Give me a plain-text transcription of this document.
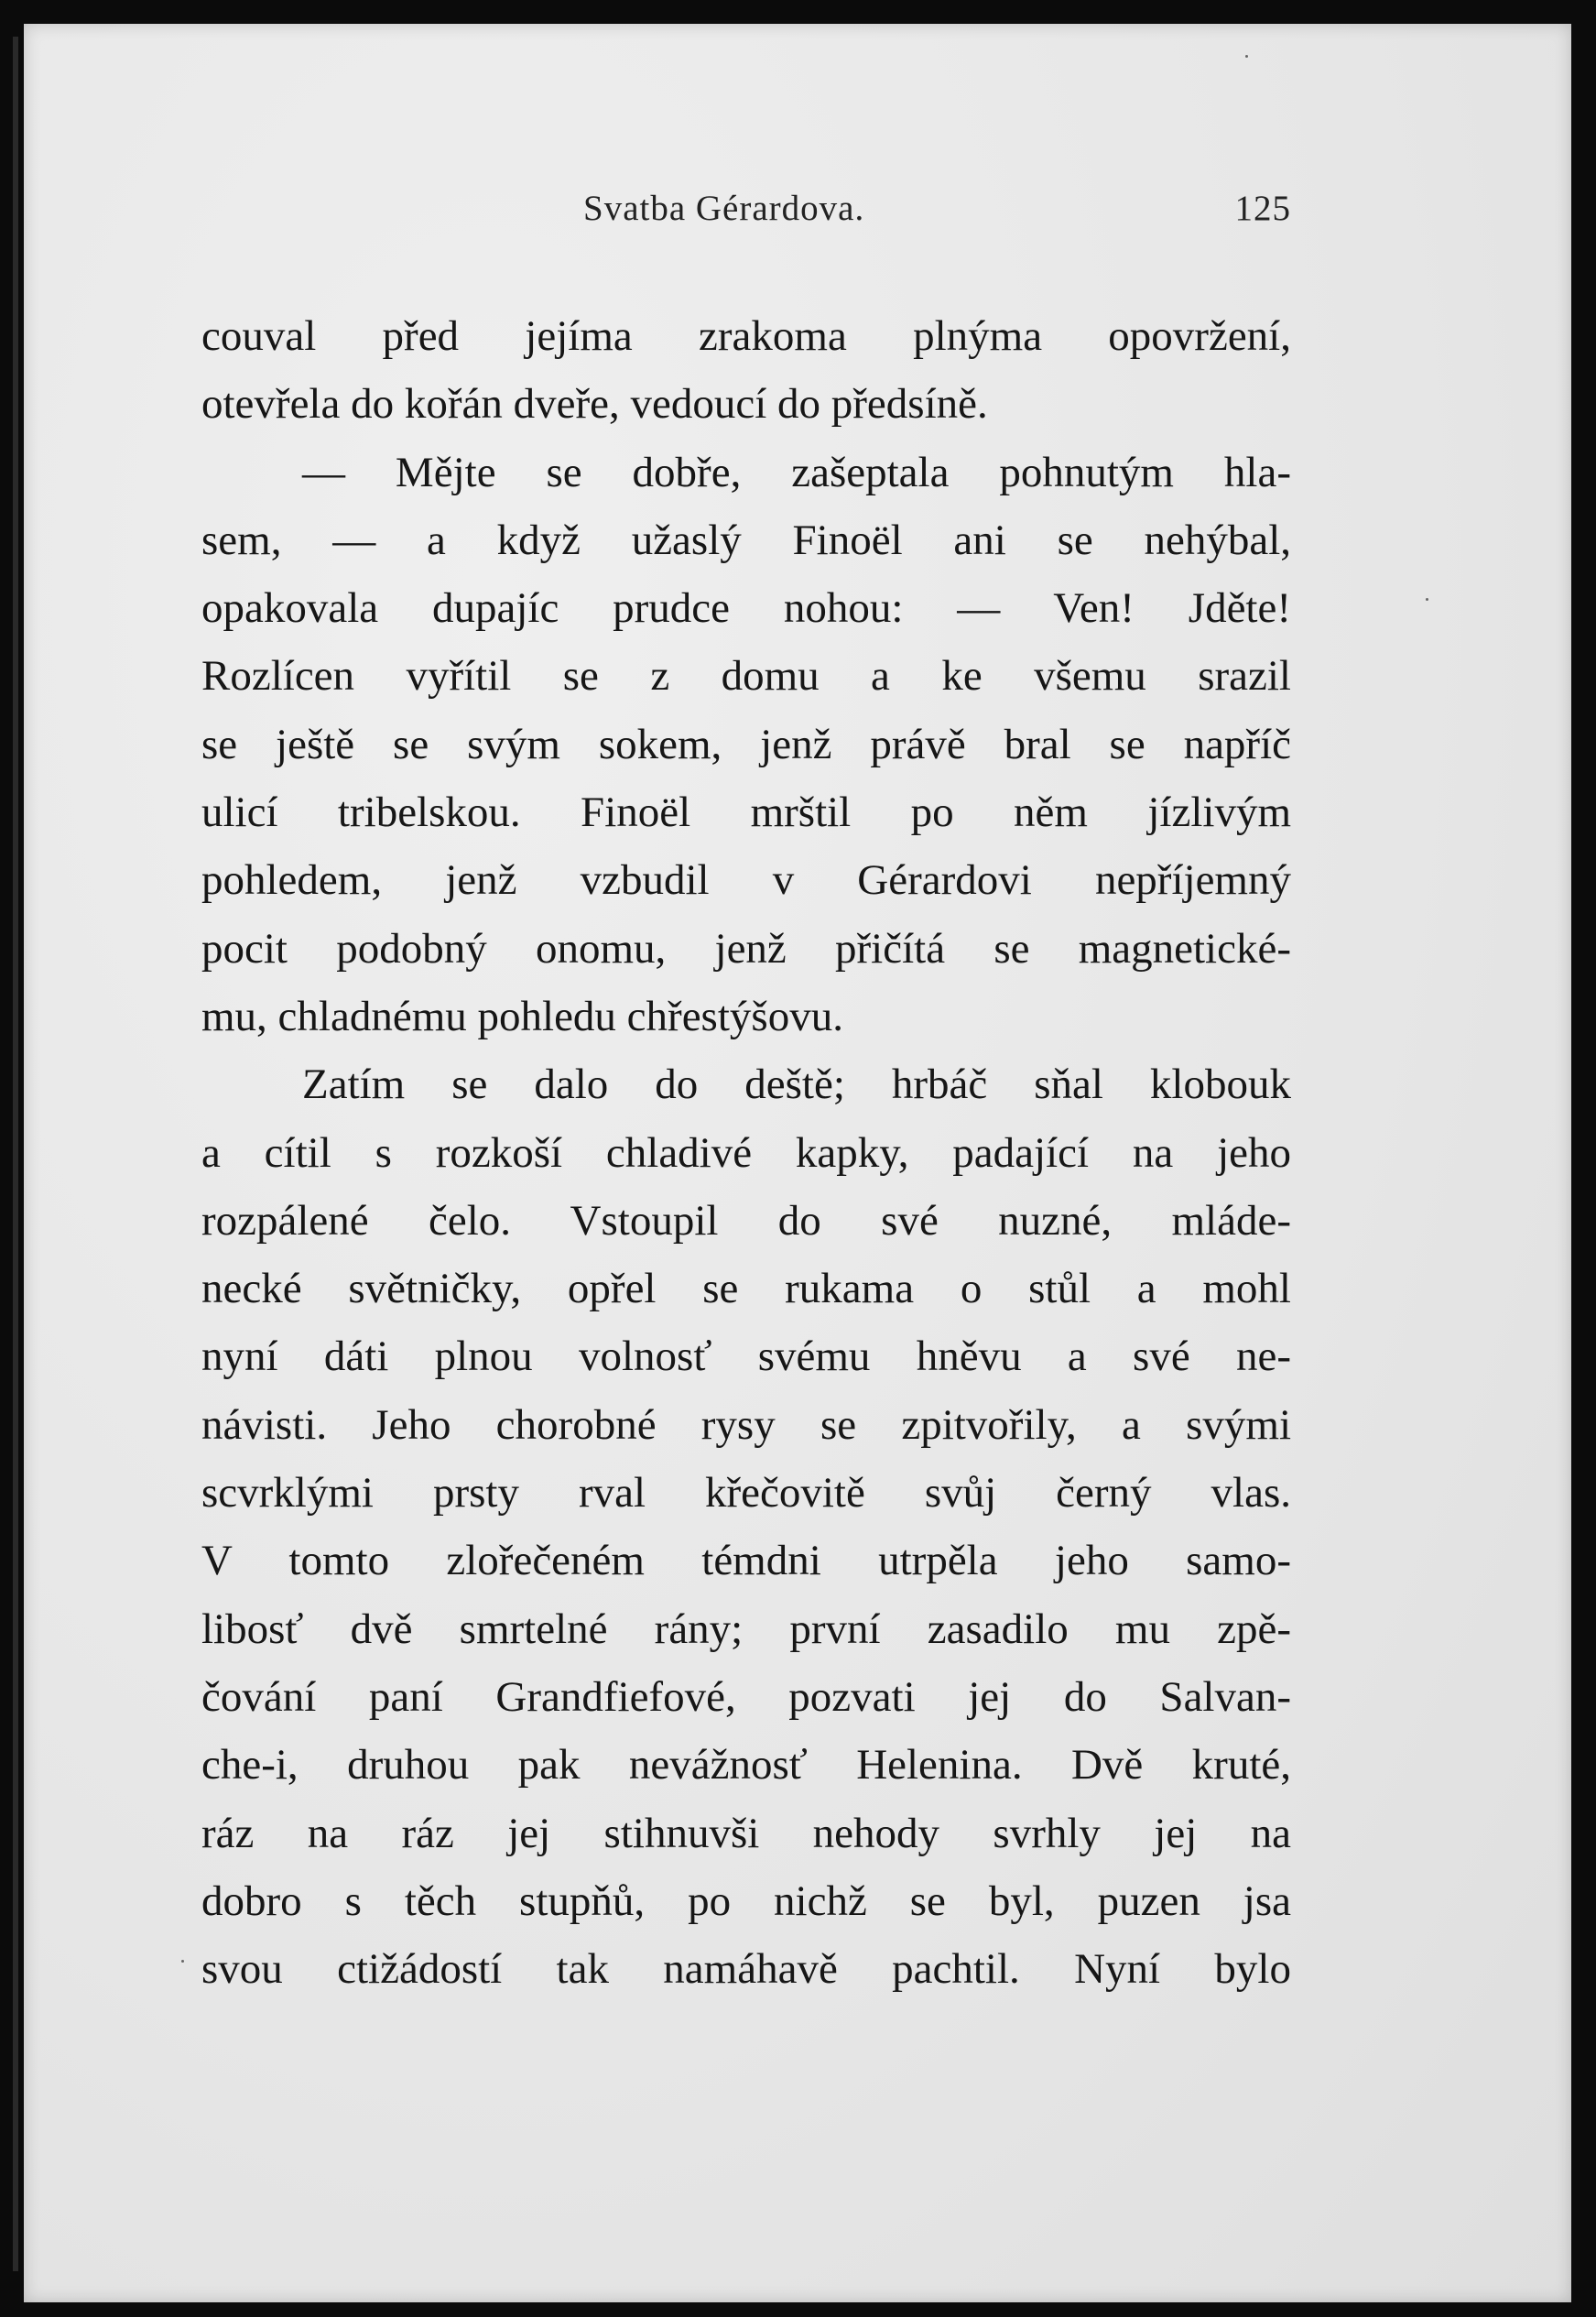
Svatba Gérardova.	125
couval před jejíma zrakoma plnýma opovržení,
otevřela do kořán dveře, vedoucí do předsíně.
— Mějte se dobře, zašeptala pohnutým hla-
sem, — a když užaslý Finoël ani se nehýbal,
opakovala dupajíc prudce nohou: — Ven! Jděte!
Rozlícen vyřítil se z domu a ke všemu srazil
se ještě se svým sokem, jenž právě bral se napříč
ulicí tribelskou. Finoël mrštil po něm jízlivým
pohledem, jenž vzbudil v Gérardovi nepříjemný
pocit podobný onomu, jenž přičítá se magnetické-
mu, chladnému pohledu chřestýšovu.
Zatím se dalo do deště; hrbáč sňal klobouk
a cítil s rozkoší chladivé kapky, padající na jeho
rozpálené čelo. Vstoupil do své nuzné, mláde-
necké světničky, opřel se rukama o stůl a mohl
nyní dáti plnou volnosť svému hněvu a své ne-
návisti. Jeho chorobné rysy se zpitvořily, a svými
scvrklými prsty rval křečovitě svůj černý vlas.
V tomto zlořečeném témdni utrpěla jeho samo-
libosť dvě smrtelné rány; první zasadilo mu zpě-
čování paní Grandfiefové, pozvati jej do Salvan-
che-i, druhou pak nevážnosť Helenina. Dvě kruté,
ráz na ráz jej stihnuvši nehody svrhly jej na
dobro s těch stupňů, po nichž se byl, puzen jsa
svou ctižádostí tak namáhavě pachtil. Nyní bylo
